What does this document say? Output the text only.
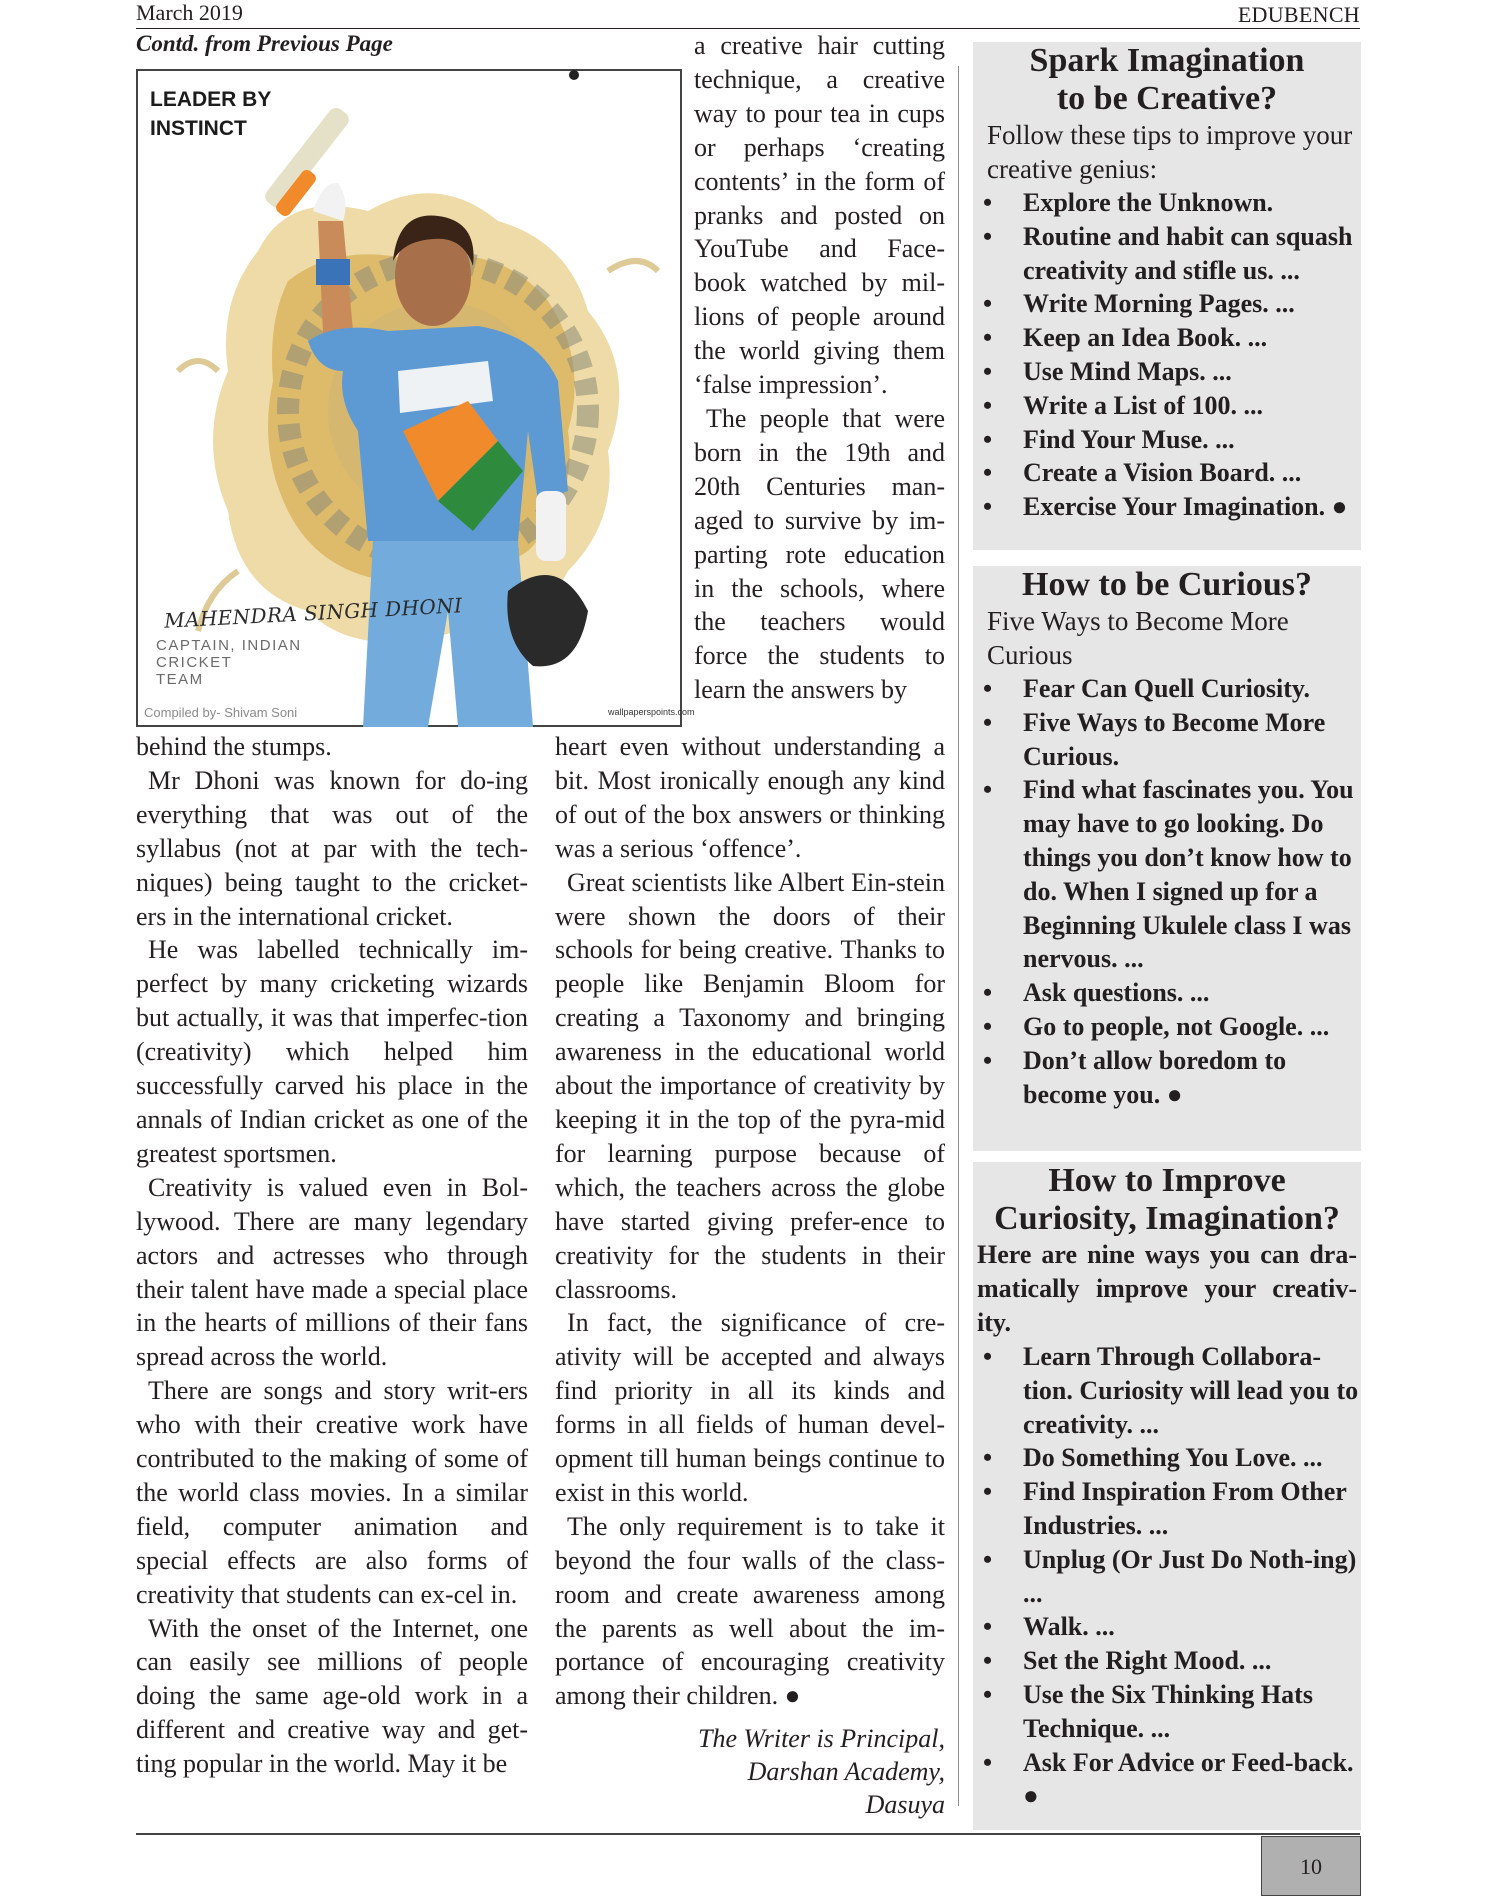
March 2019	EDUBENCH
Contd. from Previous Page
LEADER BY
INSTINCT
MAHENDRA SINGH DHONI
CAPTAIN, INDIAN CRICKET
TEAM
Compiled by- Shivam Soni	wallpaperspoints.com

a creative hair cutting technique, a creative way to pour tea in cups or perhaps ‘creating contents’ in the form of pranks and posted on YouTube and Face-book watched by mil-lions of people around the world giving them ‘false impression’.

The people that were born in the 19th and 20th Centuries man-aged to survive by im-parting rote education in the schools, where the teachers would force the students to learn the answers by

behind the stumps.

Mr Dhoni was known for do-ing everything that was out of the syllabus (not at par with the tech-niques) being taught to the cricket-ers in the international cricket.

He was labelled technically im-perfect by many cricketing wizards but actually, it was that imperfec-tion (creativity) which helped him successfully carved his place in the annals of Indian cricket as one of the greatest sportsmen.

Creativity is valued even in Bol-lywood. There are many legendary actors and actresses who through their talent have made a special place in the hearts of millions of their fans spread across the world.

There are songs and story writ-ers who with their creative work have contributed to the making of some of the world class movies. In a similar field, computer animation and special effects are also forms of creativity that students can ex-cel in.

With the onset of the Internet, one can easily see millions of people doing the same age-old work in a different and creative way and get-ting popular in the world. May it be

heart even without understanding a bit. Most ironically enough any kind of out of the box answers or thinking was a serious ‘offence’.

Great scientists like Albert Ein-stein were shown the doors of their schools for being creative. Thanks to people like Benjamin Bloom for creating a Taxonomy and bringing awareness in the educational world about the importance of creativity by keeping it in the top of the pyra-mid for learning purpose because of which, the teachers across the globe have started giving prefer-ence to creativity for the students in their classrooms.

In fact, the significance of cre-ativity will be accepted and always find priority in all its kinds and forms in all fields of human devel-opment till human beings continue to exist in this world.

The only requirement is to take it beyond the four walls of the class-room and create awareness among the parents as well about the im-portance of encouraging creativity among their children. ●

The Writer is Principal,
Darshan Academy,
Dasuya
Spark Imagination
to be Creative?
Follow these tips to improve your creative genius:
• Explore the Unknown.
• Routine and habit can squash creativity and stifle us. ...
• Write Morning Pages. ...
• Keep an Idea Book. ...
• Use Mind Maps. ...
• Write a List of 100. ...
• Find Your Muse. ...
• Create a Vision Board. ...
• Exercise Your Imagination. ●
How to be Curious?
Five Ways to Become More Curious
• Fear Can Quell Curiosity.
• Five Ways to Become More Curious.
• Find what fascinates you. You may have to go looking. Do things you don’t know how to do. When I signed up for a Beginning Ukulele class I was nervous. ...
• Ask questions. ...
• Go to people, not Google. ...
• Don’t allow boredom to become you. ●
How to Improve
Curiosity, Imagination?
Here are nine ways you can dra-matically improve your creativ-ity.
• Learn Through Collabora-tion. Curiosity will lead you to creativity. ...
• Do Something You Love. ...
• Find Inspiration From Other Industries. ...
• Unplug (Or Just Do Noth-ing) ...
• Walk. ...
• Set the Right Mood. ...
• Use the Six Thinking Hats Technique. ...
• Ask For Advice or Feed-back. ●
10
